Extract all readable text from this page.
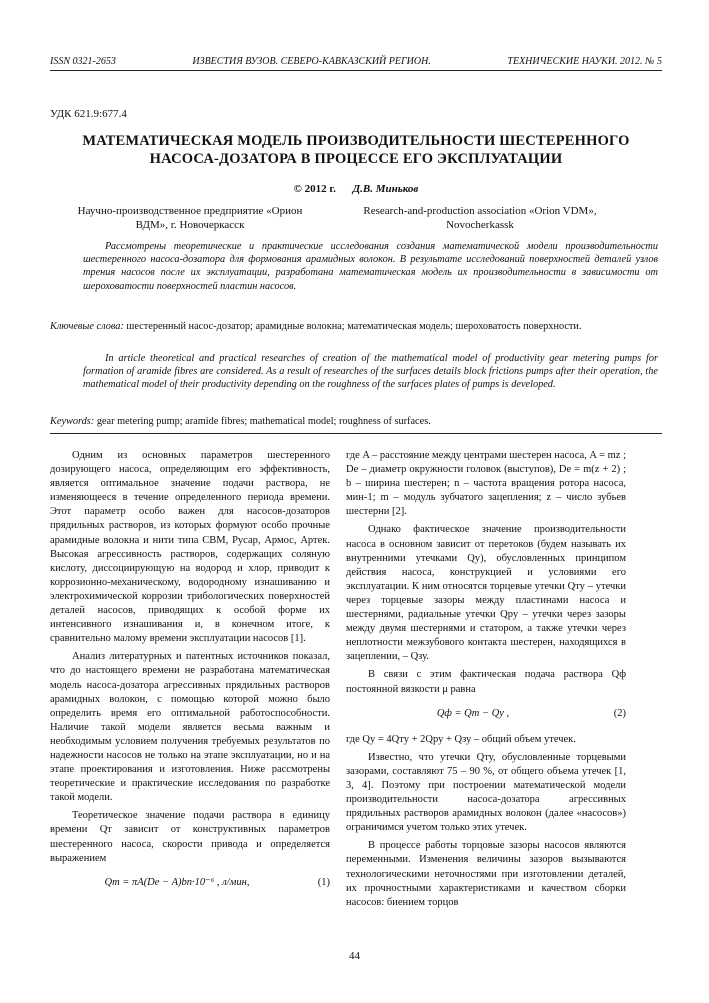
ISSN 0321-2653	ИЗВЕСТИЯ ВУЗОВ. СЕВЕРО-КАВКАЗСКИЙ РЕГИОН.	ТЕХНИЧЕСКИЕ НАУКИ. 2012. № 5
УДК 621.9:677.4
МАТЕМАТИЧЕСКАЯ МОДЕЛЬ ПРОИЗВОДИТЕЛЬНОСТИ ШЕСТЕРЕННОГО НАСОСА-ДОЗАТОРА В ПРОЦЕССЕ ЕГО ЭКСПЛУАТАЦИИ
© 2012 г. Д.В. Миньков
Научно-производственное предприятие «Орион ВДМ», г. Новочеркасск
Research-and-production association «Orion VDM», Novocherkassk

Рассмотрены теоретические и практические исследования создания математической модели производительности шестеренного насоса-дозатора для формования арамидных волокон. В результате исследований поверхностей деталей узлов трения насосов после их эксплуатации, разработана математическая модель их производительности в зависимости от шероховатости поверхностей пластин насосов.

Ключевые слова: шестеренный насос-дозатор; арамидные волокна; математическая модель; шероховатость поверхности.

In article theoretical and practical researches of creation of the mathematical model of productivity gear metering pumps for formation of aramide fibres are considered. As a result of researches of the surfaces details block frictions pumps after their operation, the mathematical model of their productivity depending on the roughness of the surfaces plates of pumps is developed.

Keywords: gear metering pump; aramide fibres; mathematical model; roughness of surfaces.

Одним из основных параметров шестеренного дозирующего насоса, определяющим его эффективность, является оптимальное значение подачи раствора, не изменяющееся в течение определенного периода времени. Этот параметр особо важен для насосов-дозаторов прядильных растворов, из которых формуют особо прочные арамидные волокна и нити типа СВМ, Русар, Армос, Артек. Высокая агрессивность растворов, содержащих соляную кислоту, диссоциирующую на водород и хлор, приводит к коррозионно-механическому, водородному изнашиванию и электрохимической коррозии трибологических поверхностей деталей насосов, приводящих к особой форме их интенсивного изнашивания и, в конечном итоге, к сравнительно малому времени эксплуатации насосов [1].

Анализ литературных и патентных источников показал, что до настоящего времени не разработана математическая модель насоса-дозатора агрессивных прядильных растворов арамидных волокон, с помощью которой можно было определить время его оптимальной работоспособности. Наличие такой модели является весьма важным и необходимым условием получения требуемых результатов по надежности насосов не только на этапе эксплуатации, но и на этапе проектирования и изготовления. Ниже рассмотрены теоретические и практические исследования по разработке такой модели.

Теоретическое значение подачи раствора в единицу времени Qт зависит от конструктивных параметров шестеренного насоса, скорости привода и определяется выражением

Qт = πA(De − A)bn·10⁻⁶ , л/мин,	(1)

где A – расстояние между центрами шестерен насоса, A = mz ; De – диаметр окружности головок (выступов), De = m(z + 2) ; b – ширина шестерен; n – частота вращения ротора насоса, мин-1; m – модуль зубчатого зацепления; z – число зубьев шестерни [2].

Однако фактическое значение производительности насоса в основном зависит от перетоков (будем называть их внутренними утечками Qу), обусловленных принципом действия насоса, конструкцией и условиями его эксплуатации. К ним относятся торцевые утечки Qту – утечки через торцевые зазоры между пластинами насоса и шестернями, радиальные утечки Qру – утечки через зазоры между двумя шестернями и статором, а также утечки через неплотности межзубового контакта шестерен, находящихся в зацеплении, – Qзу.

В связи с этим фактическая подача раствора Qф постоянной вязкости μ равна

Qф = Qт − Qу ,	(2)

где Qу = 4Qту + 2Qру + Qзу – общий объем утечек.

Известно, что утечки Qту, обусловленные торцевыми зазорами, составляют 75 – 90 %, от общего объема утечек [1, 3, 4]. Поэтому при построении математической модели производительности насоса-дозатора агрессивных прядильных растворов арамидных волокон (далее «насосов») ограничимся учетом только этих утечек.

В процессе работы торцовые зазоры насосов являются переменными. Изменения величины зазоров вызываются технологическими неточностями при изготовлении деталей, их прочностными характеристиками и качеством сборки насосов: биением торцов

44
